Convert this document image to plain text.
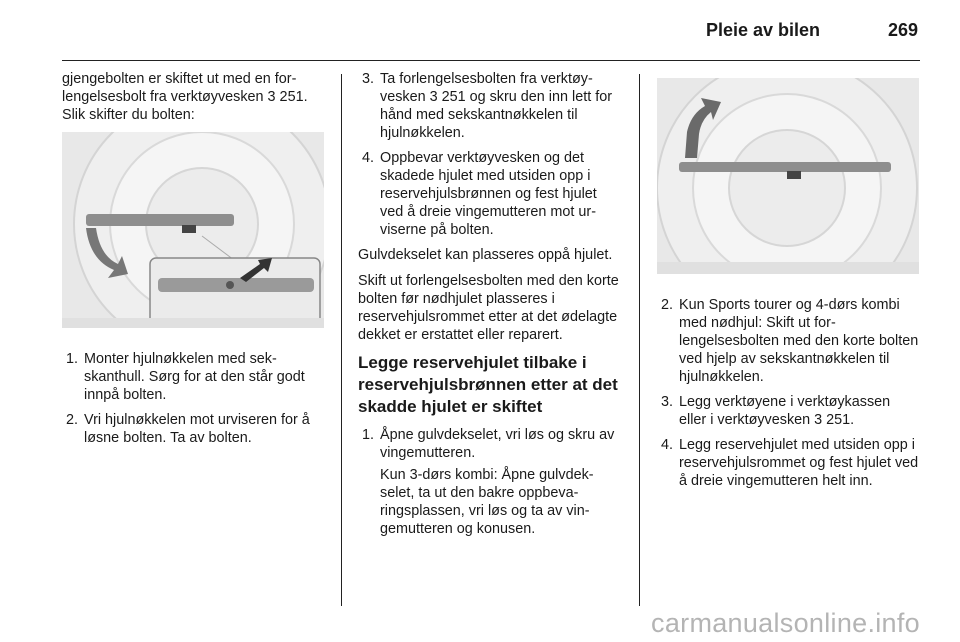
Pleie av bilen	269

gjengebolten er skiftet ut med en forlengelsesbolt fra verktøyvesken 3 251. Slik skifter du bolten:

1. Monter hjulnøkkelen med sekskanthull. Sørg for at den står godt innpå bolten.
2. Vri hjulnøkkelen mot urviseren for å løsne bolten. Ta av bolten.
3. Ta forlengelsesbolten fra verktøyvesken 3 251 og skru den inn lett for hånd med sekskantnøkkelen til hjulnøkkelen.
4. Oppbevar verktøyvesken og det skadede hjulet med utsiden opp i reservehjulsbrønnen og fest hjulet ved å dreie vingemutteren mot urviserne på bolten.

Gulvdekselet kan plasseres oppå hjulet.

Skift ut forlengelsesbolten med den korte bolten før nødhjulet plasseres i reservehjulsrommet etter at det ødelagte dekket er erstattet eller reparert.

Legge reservehjulet tilbake i reservehjulsbrønnen etter at det skadde hjulet er skiftet
1. Åpne gulvdekselet, vri løs og skru av vingemutteren.
Kun 3-dørs kombi: Åpne gulvdekselet, ta ut den bakre oppbevaringsplassen, vri løs og ta av vingemutteren og konusen.
2. Kun Sports tourer og 4-dørs kombi med nødhjul: Skift ut forlengelsesbolten med den korte bolten ved hjelp av sekskantnøkkelen til hjulnøkkelen.
3. Legg verktøyene i verktøykassen eller i verktøyvesken 3 251.
4. Legg reservehjulet med utsiden opp i reservehjulsrommet og fest hjulet ved å dreie vingemutteren helt inn.
carmanualsonline.info
